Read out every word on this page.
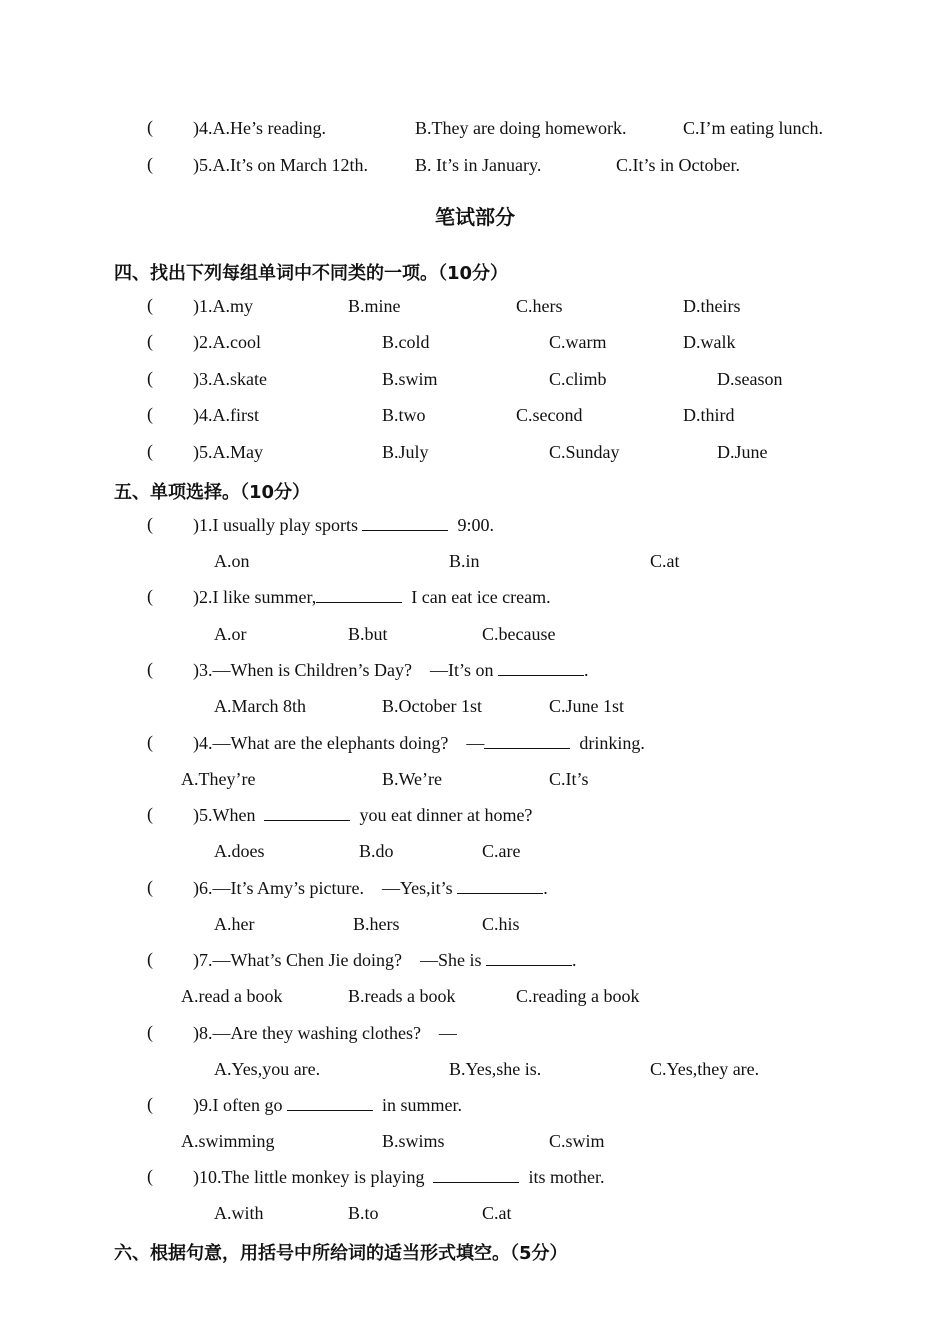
( )4.A.He’s reading.	B.They are doing homework.	C.I’m eating lunch.
( )5.A.It’s on March 12th.	B. It’s in January.	C.It’s in October.
笔试部分
四、找出下列每组单词中不同类的一项。（10分）
( )1.A.my	B.mine	C.hers	D.theirs
( )2.A.cool	B.cold	C.warm	D.walk
( )3.A.skate	B.swim	C.climb	D.season
( )4.A.first	B.two	C.second	D.third
( )5.A.May	B.July	C.Sunday	D.June
五、单项选择。（10分）
( )1.I usually play sports	9:00.
A.on	B.in	C.at
( )2.I like summer,	I can eat ice cream.
A.or	B.but	C.because
( )3.—When is Children’s Day?    —It’s on	.
A.March 8th	B.October 1st	C.June 1st
( )4.—What are the elephants doing?    —	drinking.
A.They’re	B.We’re	C.It’s
( )5.When	you eat dinner at home?
A.does	B.do	C.are
( )6.—It’s Amy’s picture.    —Yes,it’s	.
A.her	B.hers	C.his
( )7.—What’s Chen Jie doing?    —She is	.
A.read a book	B.reads a book	C.reading a book
( )8.—Are they washing clothes?    —
A.Yes,you are.	B.Yes,she is.	C.Yes,they are.
( )9.I often go	in summer.
A.swimming	B.swims	C.swim
( )10.The little monkey is playing	its mother.
A.with	B.to	C.at
六、根据句意，用括号中所给词的适当形式填空。（5分）
